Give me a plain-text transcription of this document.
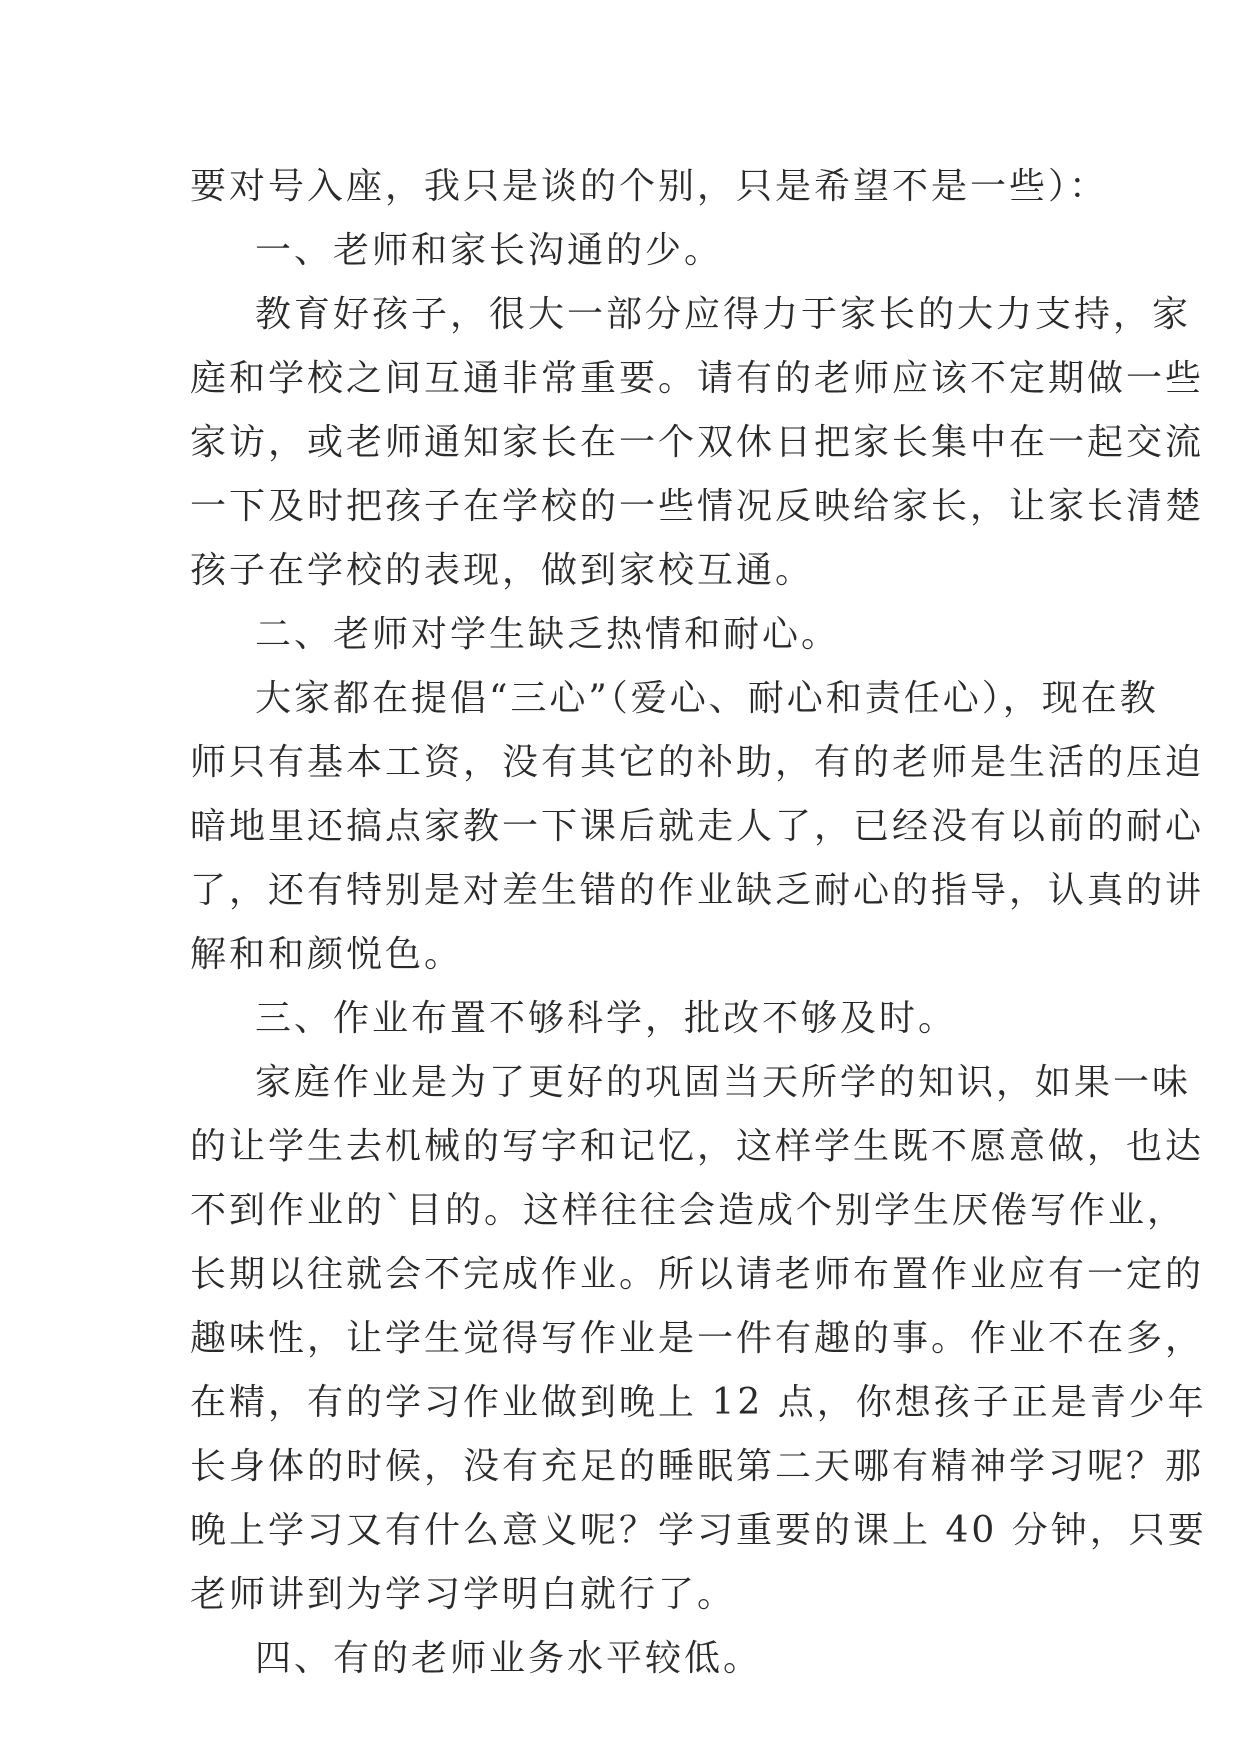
要对号入座，我只是谈的个别，只是希望不是一些）：
一、老师和家长沟通的少。
教育好孩子，很大一部分应得力于家长的大力支持，家
庭和学校之间互通非常重要。请有的老师应该不定期做一些
家访，或老师通知家长在一个双休日把家长集中在一起交流
一下及时把孩子在学校的一些情况反映给家长，让家长清楚
孩子在学校的表现，做到家校互通。
二、老师对学生缺乏热情和耐心。
大家都在提倡“三心”（爱心、耐心和责任心），现在教
师只有基本工资，没有其它的补助，有的老师是生活的压迫
暗地里还搞点家教一下课后就走人了，已经没有以前的耐心
了，还有特别是对差生错的作业缺乏耐心的指导，认真的讲
解和和颜悦色。
三、作业布置不够科学，批改不够及时。
家庭作业是为了更好的巩固当天所学的知识，如果一味
的让学生去机械的写字和记忆，这样学生既不愿意做，也达
不到作业的`目的。这样往往会造成个别学生厌倦写作业，
长期以往就会不完成作业。所以请老师布置作业应有一定的
趣味性，让学生觉得写作业是一件有趣的事。作业不在多，
在精，有的学习作业做到晚上 12 点，你想孩子正是青少年
长身体的时候，没有充足的睡眠第二天哪有精神学习呢？那
晚上学习又有什么意义呢？学习重要的课上 40 分钟，只要
老师讲到为学习学明白就行了。
四、有的老师业务水平较低。
